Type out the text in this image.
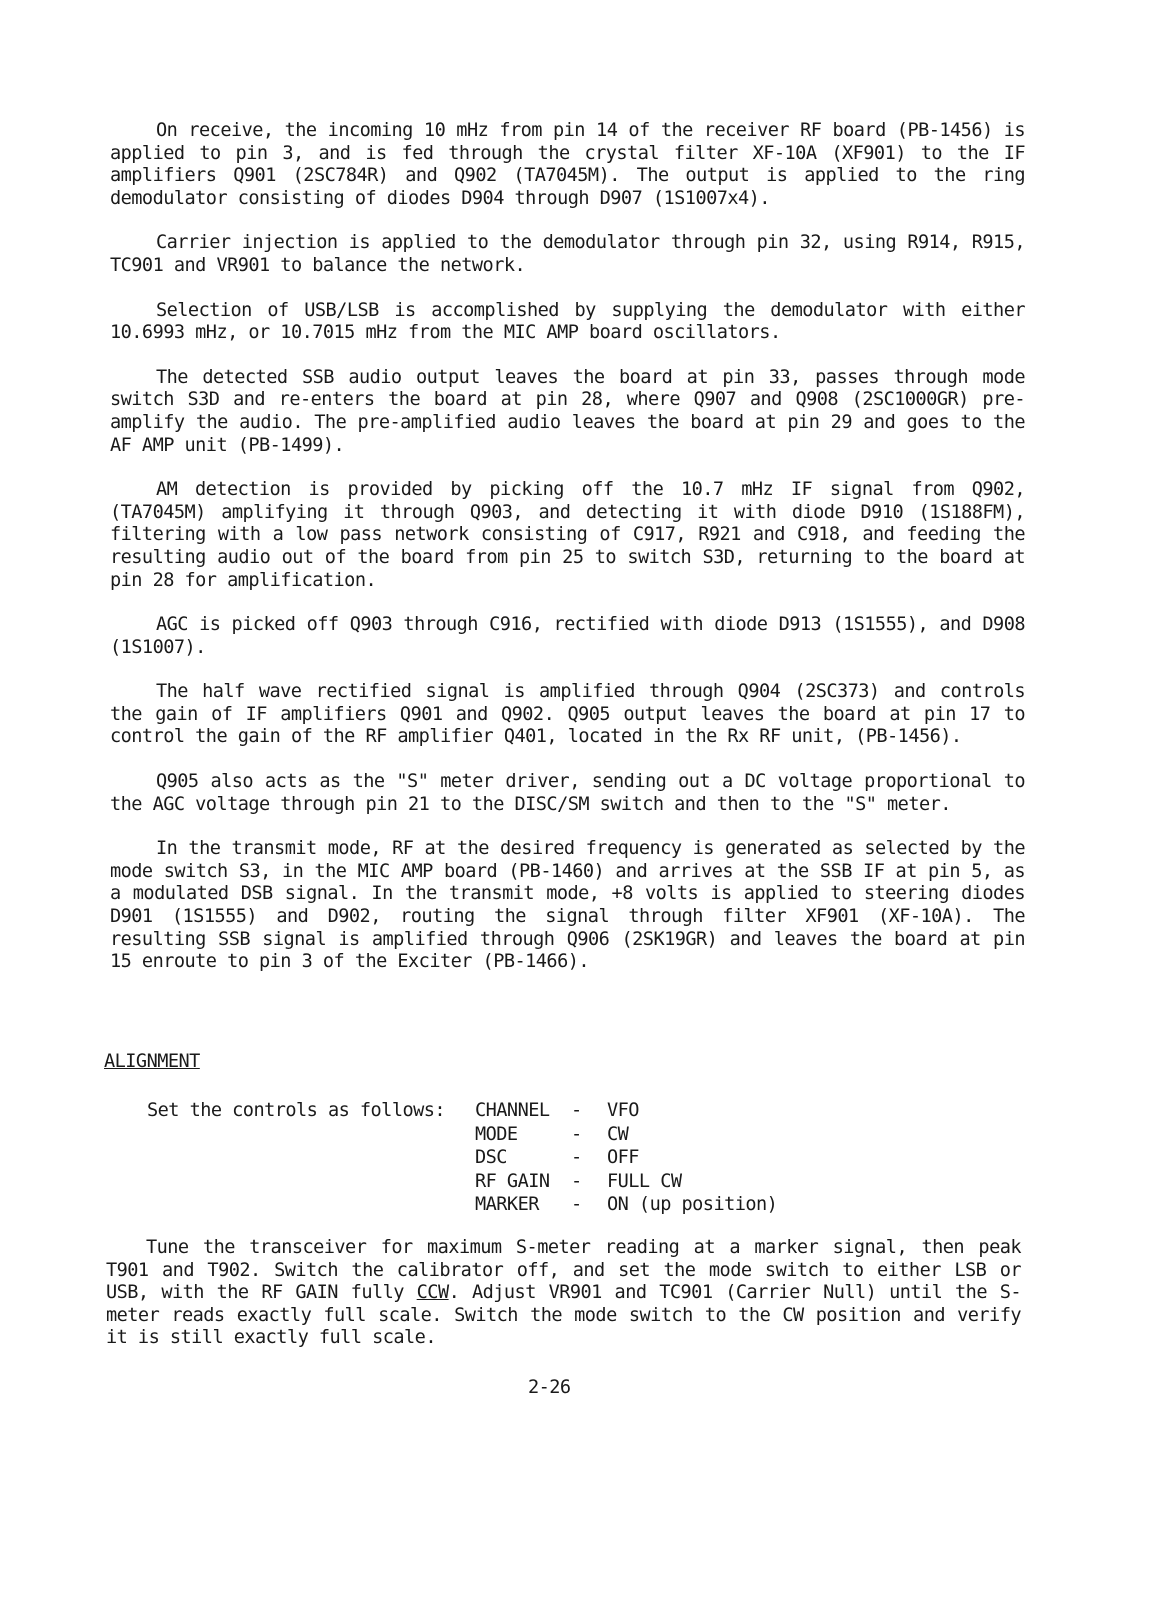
On receive, the incoming 10 mHz from pin 14 of the receiver RF board (PB-1456) is applied to pin 3, and is fed through the crystal filter XF-10A (XF901) to the IF amplifiers Q901 (2SC784R) and Q902 (TA7045M). The output is applied to the ring demodulator consisting of diodes D904 through D907 (1S1007x4).

Carrier injection is applied to the demodulator through pin 32, using R914, R915, TC901 and VR901 to balance the network.

Selection of USB/LSB is accomplished by supplying the demodulator with either 10.6993 mHz, or 10.7015 mHz from the MIC AMP board oscillators.

The detected SSB audio output leaves the board at pin 33, passes through mode switch S3D and re-enters the board at pin 28, where Q907 and Q908 (2SC1000GR) pre-amplify the audio. The pre-amplified audio leaves the board at pin 29 and goes to the AF AMP unit (PB-1499).

AM detection is provided by picking off the 10.7 mHz IF signal from Q902, (TA7045M) amplifying it through Q903, and detecting it with diode D910 (1S188FM), filtering with a low pass network consisting of C917, R921 and C918, and feeding the resulting audio out of the board from pin 25 to switch S3D, returning to the board at pin 28 for amplification.

AGC is picked off Q903 through C916, rectified with diode D913 (1S1555), and D908 (1S1007).

The half wave rectified signal is amplified through Q904 (2SC373) and controls the gain of IF amplifiers Q901 and Q902. Q905 output leaves the board at pin 17 to control the gain of the RF amplifier Q401, located in the Rx RF unit, (PB-1456).

Q905 also acts as the "S" meter driver, sending out a DC voltage proportional to the AGC voltage through pin 21 to the DISC/SM switch and then to the "S" meter.

In the transmit mode, RF at the desired frequency is generated as selected by the mode switch S3, in the MIC AMP board (PB-1460) and arrives at the SSB IF at pin 5, as a modulated DSB signal. In the transmit mode, +8 volts is applied to steering diodes D901 (1S1555) and D902, routing the signal through filter XF901 (XF-10A). The resulting SSB signal is amplified through Q906 (2SK19GR) and leaves the board at pin 15 enroute to pin 3 of the Exciter (PB-1466).

ALIGNMENT

Set the controls as follows:	CHANNEL	-	VFO
MODE	-	CW
DSC	-	OFF
RF GAIN	-	FULL CW
MARKER	-	ON (up position)

Tune the transceiver for maximum S-meter reading at a marker signal, then peak T901 and T902. Switch the calibrator off, and set the mode switch to either LSB or USB, with the RF GAIN fully CCW. Adjust VR901 and TC901 (Carrier Null) until the S-meter reads exactly full scale. Switch the mode switch to the CW position and verify it is still exactly full scale.

2-26
